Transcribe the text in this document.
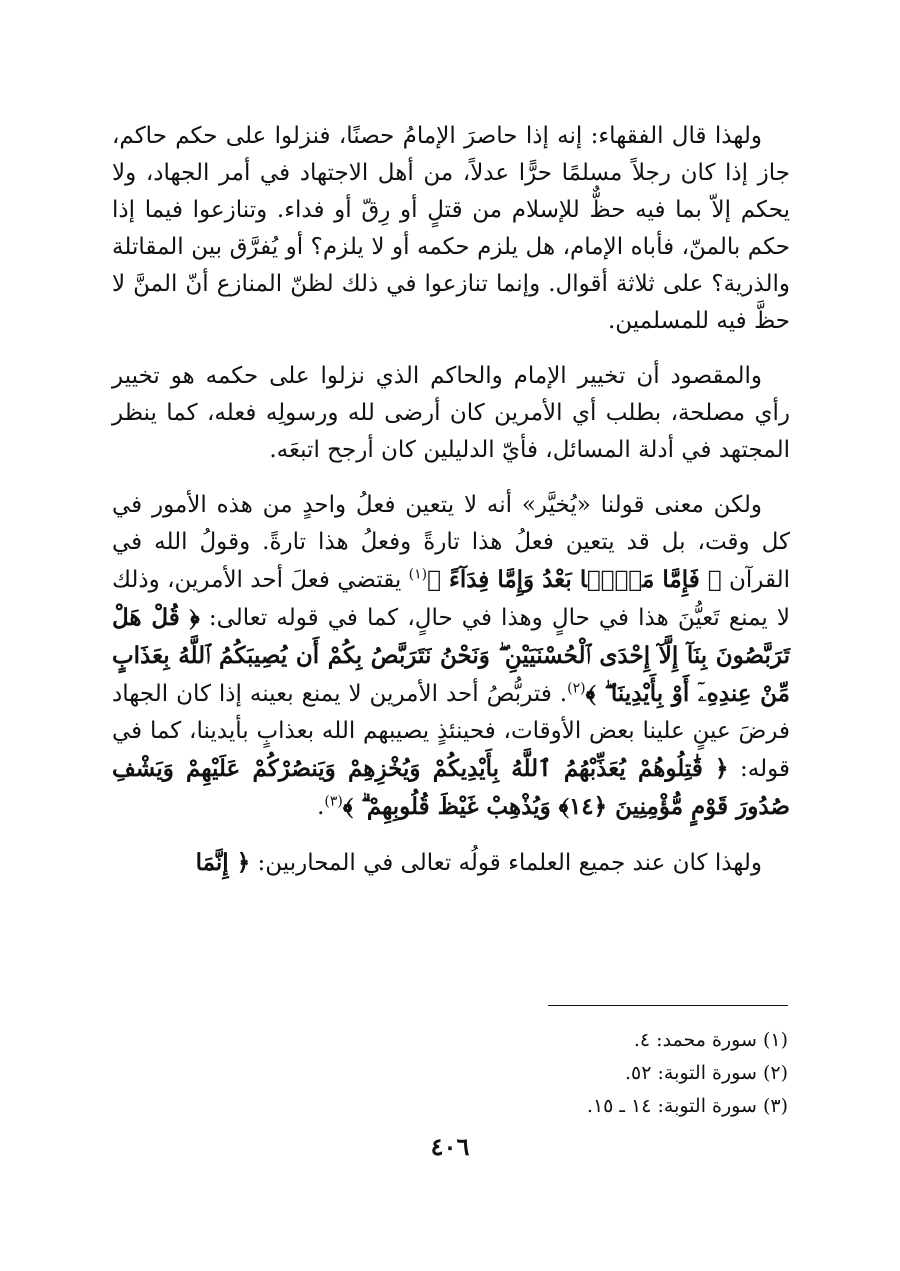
ولهذا قال الفقهاء: إنه إذا حاصرَ الإمامُ حصنًا، فنزلوا على حكم حاكم، جاز إذا كان رجلاً مسلمًا حرًّا عدلاً، من أهل الاجتهاد في أمر الجهاد، ولا يحكم إلاّ بما فيه حظٌّ للإسلام من قتلٍ أو رِقّ أو فداء. وتنازعوا فيما إذا حكم بالمنّ، فأباه الإمام، هل يلزم حكمه أو لا يلزم؟ أو يُفرَّق بين المقاتلة والذرية؟ على ثلاثة أقوال. وإنما تنازعوا في ذلك لظنّ المنازع أنّ المنَّ لا حظَّ فيه للمسلمين.

والمقصود أن تخيير الإمام والحاكم الذي نزلوا على حكمه هو تخيير رأي مصلحة، بطلب أي الأمرين كان أرضى لله ورسولِه فعله، كما ينظر المجتهد في أدلة المسائل، فأيّ الدليلين كان أرجح اتبعَه.

ولكن معنى قولنا «يُخيَّر» أنه لا يتعين فعلُ واحدٍ من هذه الأمور في كل وقت، بل قد يتعين فعلُ هذا تارةً وفعلُ هذا تارةً. وقولُ الله في القرآن ﴿ فَإِمَّا مَنًّۢا بَعْدُ وَإِمَّا فِدَآءً ﴾$^{(١)}$ يقتضي فعلَ أحد الأمرين، وذلك لا يمنع تَعيُّنَ هذا في حالٍ وهذا في حالٍ، كما في قوله تعالى: ﴿ قُلْ هَلْ تَرَبَّصُونَ بِنَآ إِلَّآ إِحْدَى ٱلْحُسْنَيَيْنِ ۖ وَنَحْنُ نَتَرَبَّصُ بِكُمْ أَن يُصِيبَكُمُ ٱللَّهُ بِعَذَابٍ مِّنْ عِندِهِۦٓ أَوْ بِأَيْدِينَا ۖ ﴾$^{(٢)}$. فتربُّصُ أحد الأمرين لا يمنع بعينه إذا كان الجهاد فرضَ عينٍ علينا بعض الأوقات، فحينئذٍ يصيبهم الله بعذابٍ بأيدينا، كما في قوله: ﴿ قَٰتِلُوهُمْ يُعَذِّبْهُمُ ٱللَّهُ بِأَيْدِيكُمْ وَيُخْزِهِمْ وَيَنصُرْكُمْ عَلَيْهِمْ وَيَشْفِ صُدُورَ قَوْمٍ مُّؤْمِنِينَ ﴿١٤﴾ وَيُذْهِبْ غَيْظَ قُلُوبِهِمْ ۗ ﴾$^{(٣)}$.

ولهذا كان عند جميع العلماء قولُه تعالى في المحاربين: ﴿ إِنَّمَا

(١) سورة محمد: ٤.
(٢) سورة التوبة: ٥٢.
(٣) سورة التوبة: ١٤ ـ ١٥.
٤٠٦
